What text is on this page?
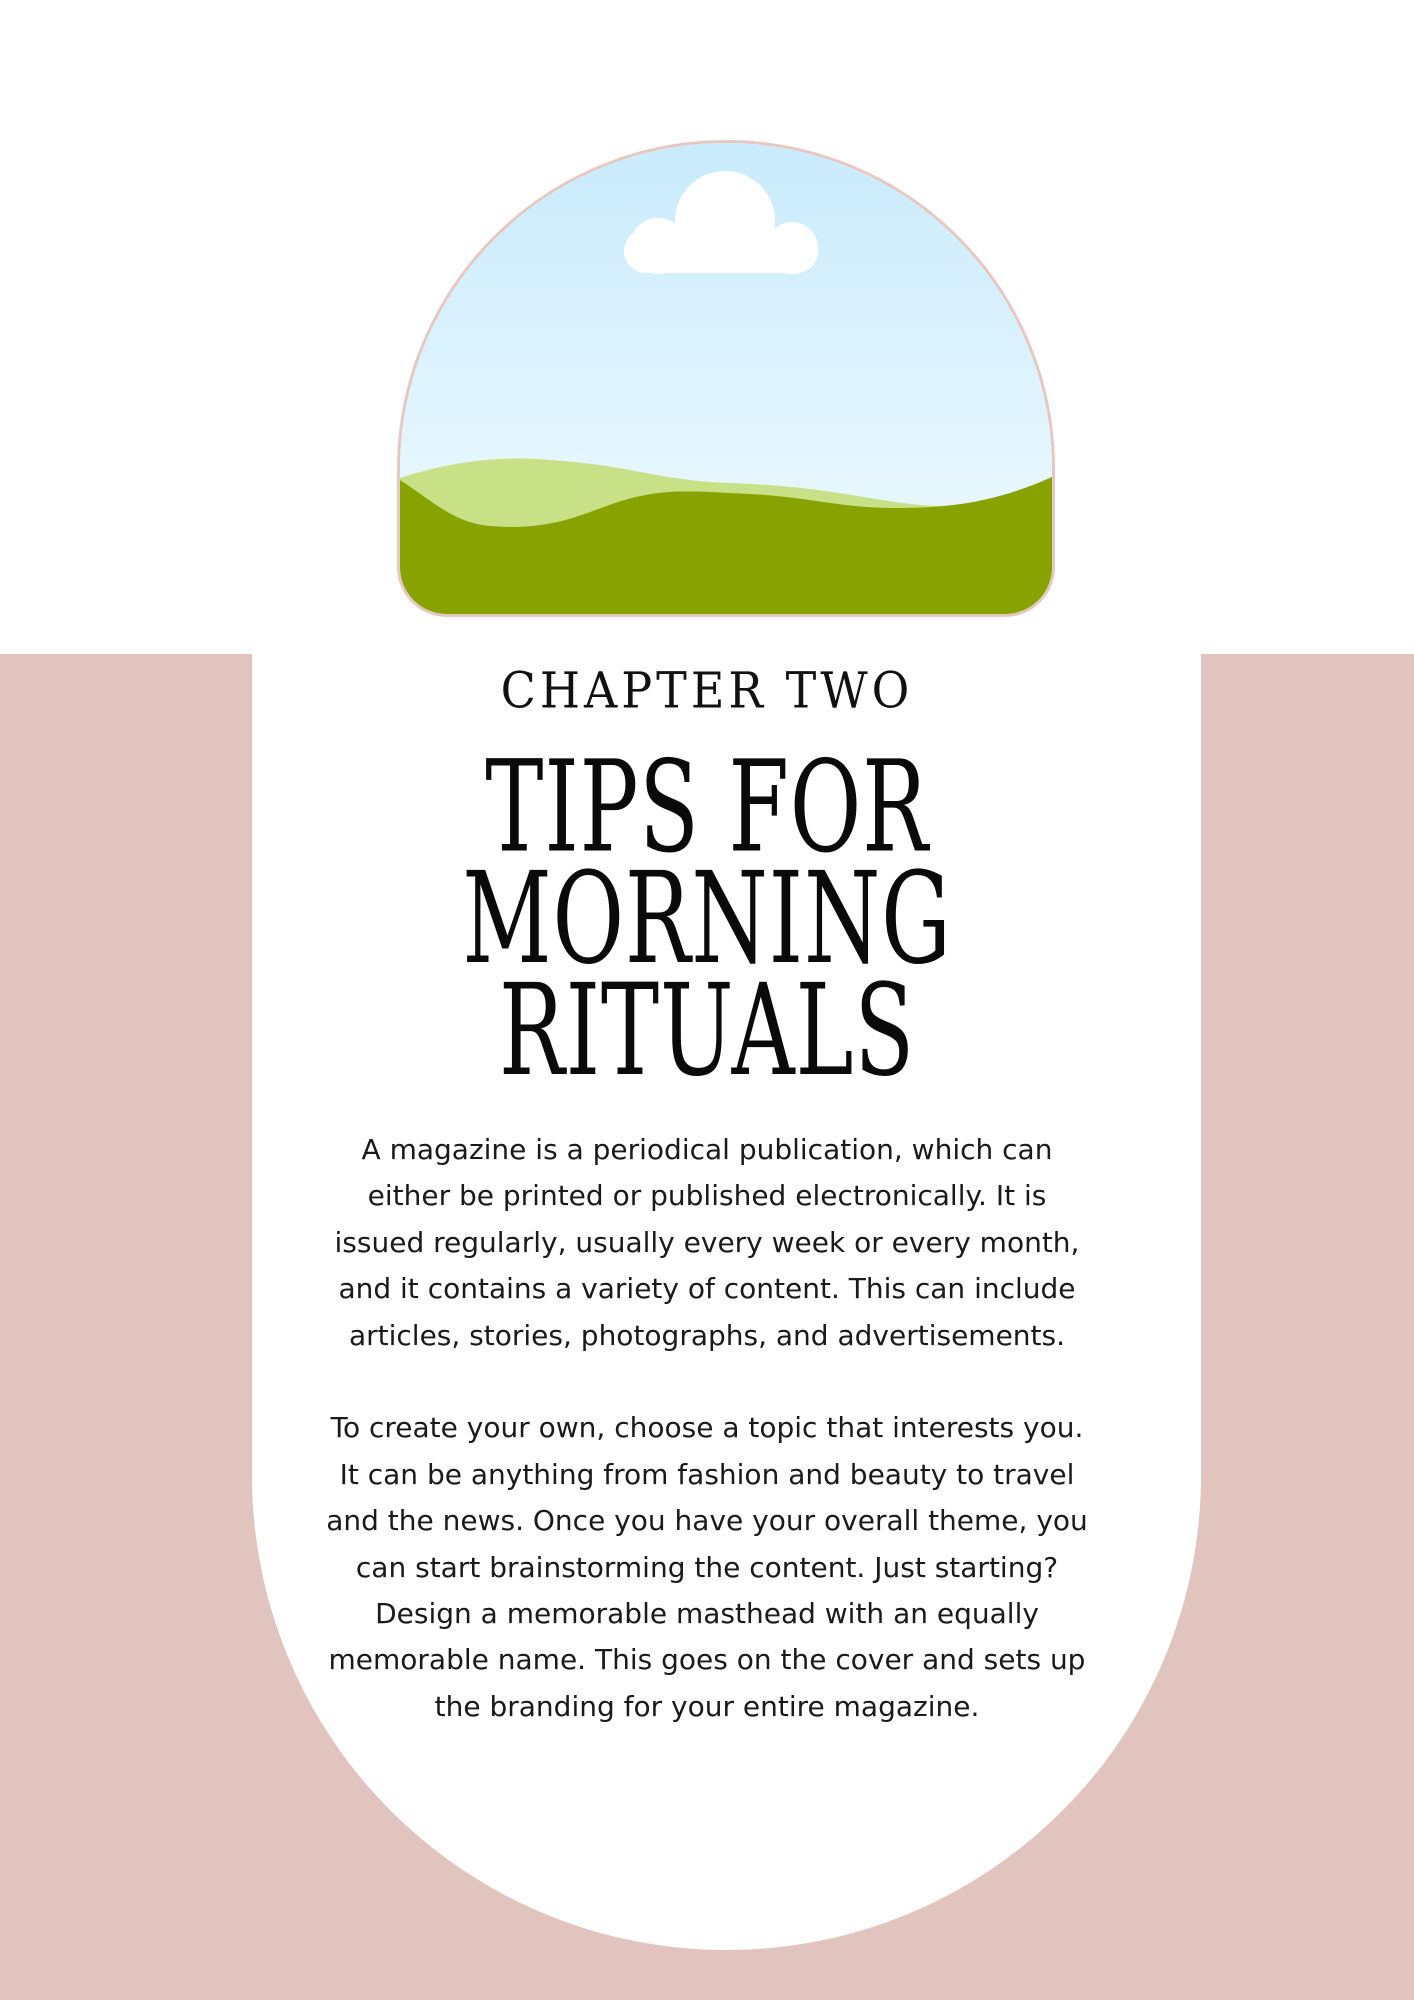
CHAPTER TWO
TIPS FOR
MORNING
RITUALS

A magazine is a periodical publication, which can either be printed or published electronically. It is issued regularly, usually every week or every month, and it contains a variety of content. This can include articles, stories, photographs, and advertisements.

To create your own, choose a topic that interests you. It can be anything from fashion and beauty to travel and the news. Once you have your overall theme, you can start brainstorming the content. Just starting? Design a memorable masthead with an equally memorable name. This goes on the cover and sets up the branding for your entire magazine.
